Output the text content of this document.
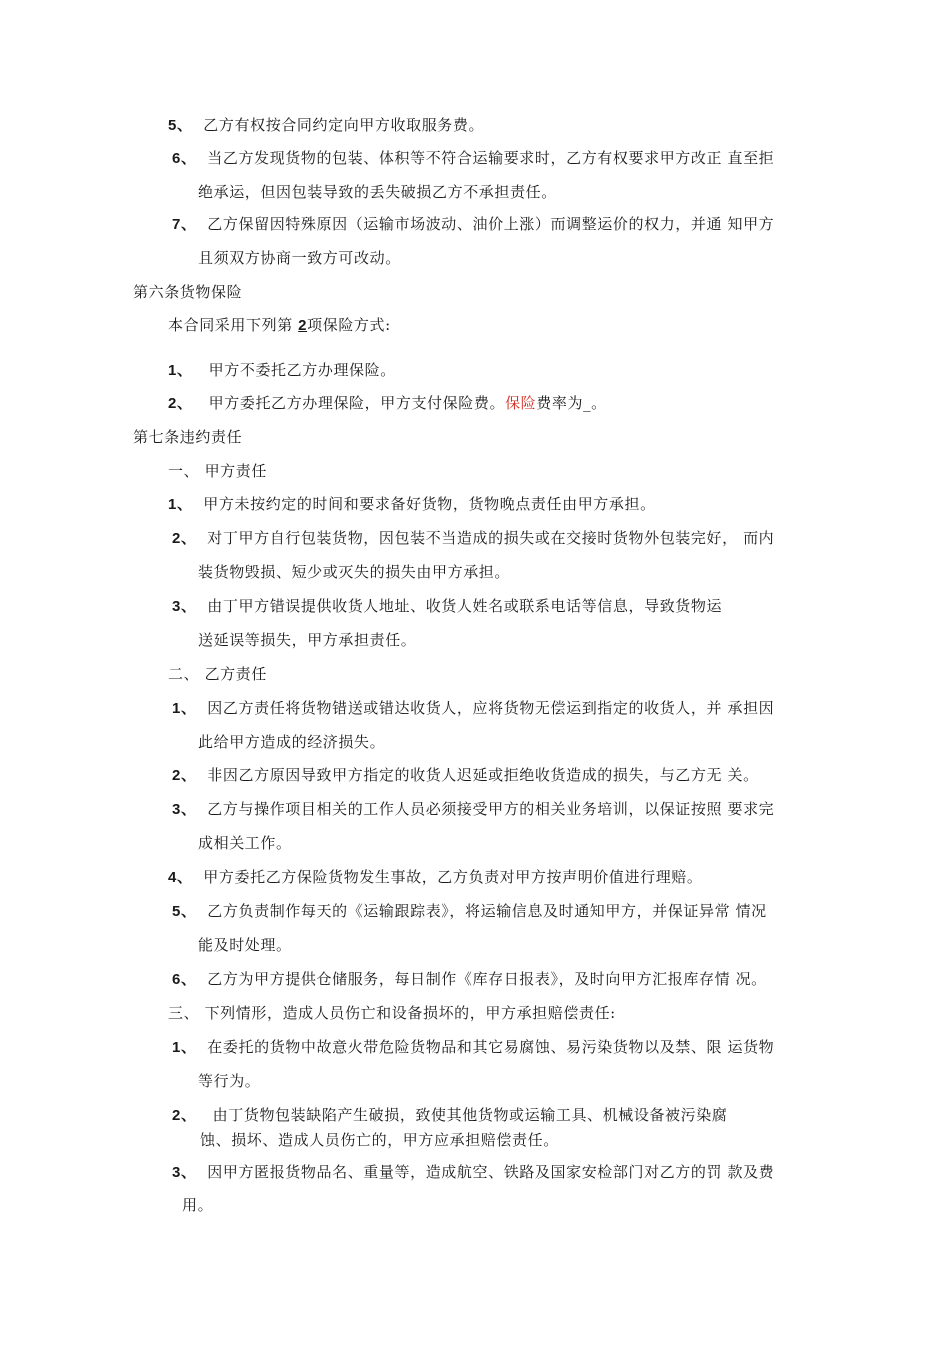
5、 乙方有权按合同约定向甲方收取服务费。
6、 当乙方发现货物的包装、体积等不符合运输要求时，乙方有权要求甲方改正 直至拒
绝承运，但因包装导致的丢失破损乙方不承担责任。
7、 乙方保留因特殊原因（运输市场波动、油价上涨）而调整运价的权力，并通 知甲方
且须双方协商一致方可改动。
第六条货物保险
本合同采用下列第 2项保险方式:
1、 甲方不委托乙方办理保险。
2、 甲方委托乙方办理保险，甲方支付保险费。保险费率为_。
第七条违约责任
一、 甲方责任
1、 甲方未按约定的时间和要求备好货物，货物晚点责任由甲方承担。
2、 对丁甲方自行包装货物，因包装不当造成的损失或在交接时货物外包装完好， 而内
装货物毁损、短少或灭失的损失由甲方承担。
3、 由丁甲方错误提供收货人地址、收货人姓名或联系电话等信息，导致货物运
送延误等损失，甲方承担责任。
二、 乙方责任
1、 因乙方责任将货物错送或错达收货人，应将货物无偿运到指定的收货人，并 承担因
此给甲方造成的经济损失。
2、 非因乙方原因导致甲方指定的收货人迟延或拒绝收货造成的损失，与乙方无 关。
3、 乙方与操作项目相关的工作人员必须接受甲方的相关业务培训，以保证按照 要求完
成相关工作。
4、 甲方委托乙方保险货物发生事故，乙方负责对甲方按声明价值进行理赔。
5、 乙方负责制作每天的《运输跟踪表》，将运输信息及时通知甲方，并保证异常 情况
能及时处理。
6、 乙方为甲方提供仓储服务，每日制作《库存日报表》，及时向甲方汇报库存情 况。
三、 下列情形，造成人员伤亡和设备损坏的，甲方承担赔偿责任:
1、 在委托的货物中故意火带危险货物品和其它易腐蚀、易污染货物以及禁、限 运货物
等行为。
2、 由丁货物包装缺陷产生破损，致使其他货物或运输工具、机械设备被污染腐
蚀、损坏、造成人员伤亡的，甲方应承担赔偿责任。
3、 因甲方匿报货物品名、重量等，造成航空、铁路及国家安检部门对乙方的罚 款及费
用。
